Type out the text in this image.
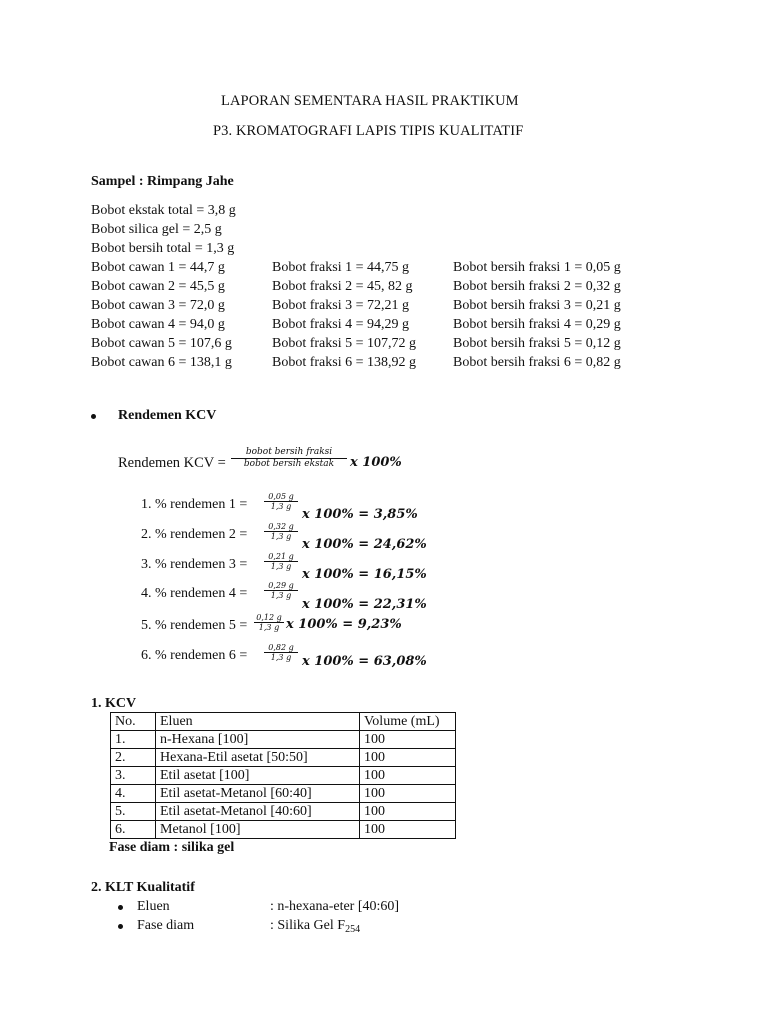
LAPORAN SEMENTARA HASIL PRAKTIKUM
P3. KROMATOGRAFI LAPIS TIPIS KUALITATIF
Sampel : Rimpang Jahe
Bobot ekstak total = 3,8 g
Bobot silica gel = 2,5 g
Bobot bersih total = 1,3 g
Bobot cawan 1 = 44,7 g	Bobot fraksi 1 = 44,75 g	Bobot bersih fraksi 1 = 0,05 g
Bobot cawan 2 = 45,5 g	Bobot fraksi 2 = 45, 82 g	Bobot bersih fraksi 2 = 0,32 g
Bobot cawan 3 = 72,0 g	Bobot fraksi 3 = 72,21 g	Bobot bersih fraksi 3 = 0,21 g
Bobot cawan 4 = 94,0 g	Bobot fraksi 4 = 94,29 g	Bobot bersih fraksi 4 = 0,29 g
Bobot cawan 5 = 107,6 g	Bobot fraksi 5 = 107,72 g	Bobot bersih fraksi 5 = 0,12 g
Bobot cawan 6 = 138,1 g	Bobot fraksi 6 = 138,92 g	Bobot bersih fraksi 6 = 0,82 g
Rendemen KCV
Rendemen KCV =
bobot bersih fraksi
bobot bersih ekstak	x 100%
1. % rendemen 1 =
0,05 g
1,3 g
x 100% = 3,85%
2. % rendemen 2 =
0,32 g
1,3 g
x 100% = 24,62%
3. % rendemen 3 =
0,21 g
1,3 g
x 100% = 16,15%
4. % rendemen 4 =
0,29 g
1,3 g
x 100% = 22,31%
5. % rendemen 5 =
0,12 g
1,3 g x 100% = 9,23%
6. % rendemen 6 =
0,82 g
1,3 g x 100% = 63,08%
1. KCV
No.	Eluen	Volume (mL)
1.	n-Hexana [100]	100
2.	Hexana-Etil asetat [50:50]	100
3.	Etil asetat [100]	100
4.	Etil asetat-Metanol [60:40]	100
5.	Etil asetat-Metanol [40:60]	100
6.	Metanol [100]	100
Fase diam : silika gel
2. KLT Kualitatif
Eluen	: n-hexana-eter [40:60]
Fase diam	: Silika Gel $F_{254}$
